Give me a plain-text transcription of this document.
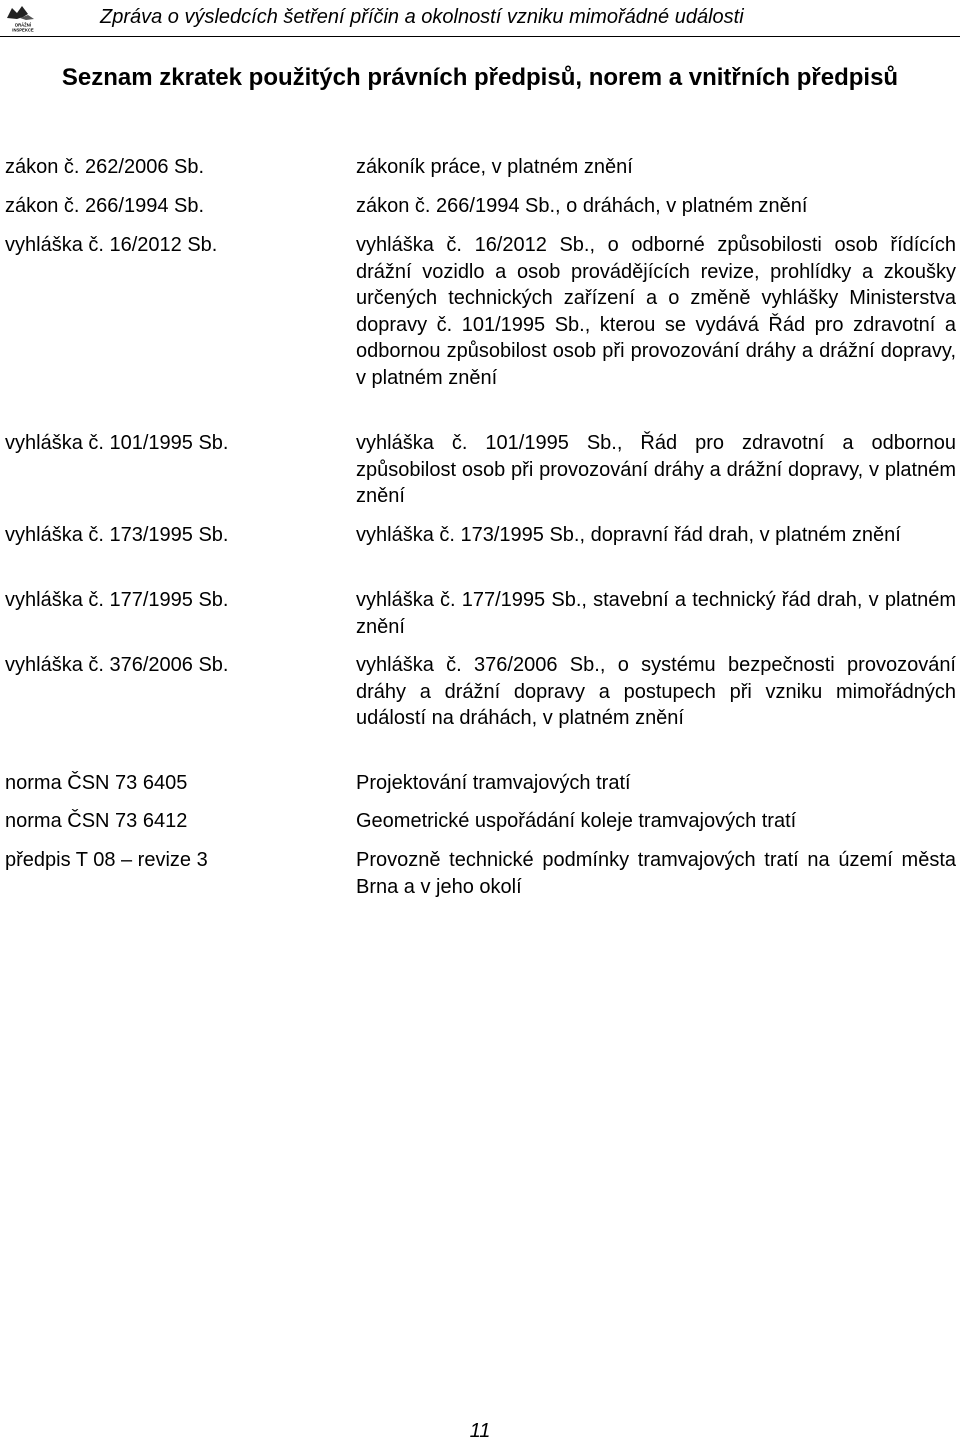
DRÁŽNÍ
INSPEKCE
Zpráva o výsledcích šetření příčin a okolností vzniku mimořádné události
Seznam zkratek použitých právních předpisů, norem a vnitřních předpisů
zákon č. 262/2006 Sb.	zákoník práce, v platném znění
zákon č. 266/1994 Sb.	zákon č. 266/1994 Sb., o dráhách, v platném znění
vyhláška č. 16/2012 Sb.	vyhláška č. 16/2012 Sb., o odborné způsobilosti osob řídících drážní vozidlo a osob provádějících revize, prohlídky a zkoušky určených technických zařízení a o změně vyhlášky Ministerstva dopravy č. 101/1995 Sb., kterou se vydává Řád pro zdravotní a odbornou způsobilost osob při provozování dráhy a drážní dopravy, v platném znění
vyhláška č. 101/1995 Sb.	vyhláška č. 101/1995 Sb., Řád pro zdravotní a odbornou způsobilost osob při provozování dráhy a drážní dopravy, v platném znění
vyhláška č. 173/1995 Sb.	vyhláška č. 173/1995 Sb., dopravní řád drah, v platném znění
vyhláška č. 177/1995 Sb.	vyhláška č. 177/1995 Sb., stavební a technický řád drah, v platném znění
vyhláška č. 376/2006 Sb.	vyhláška č. 376/2006 Sb., o systému bezpečnosti provozování dráhy a drážní dopravy a postupech při vzniku mimořádných událostí na dráhách, v platném znění
norma ČSN 73 6405	Projektování tramvajových tratí
norma ČSN 73 6412	Geometrické uspořádání koleje tramvajových tratí
předpis T 08 – revize 3	Provozně technické podmínky tramvajových tratí na území města Brna a v jeho okolí
11
